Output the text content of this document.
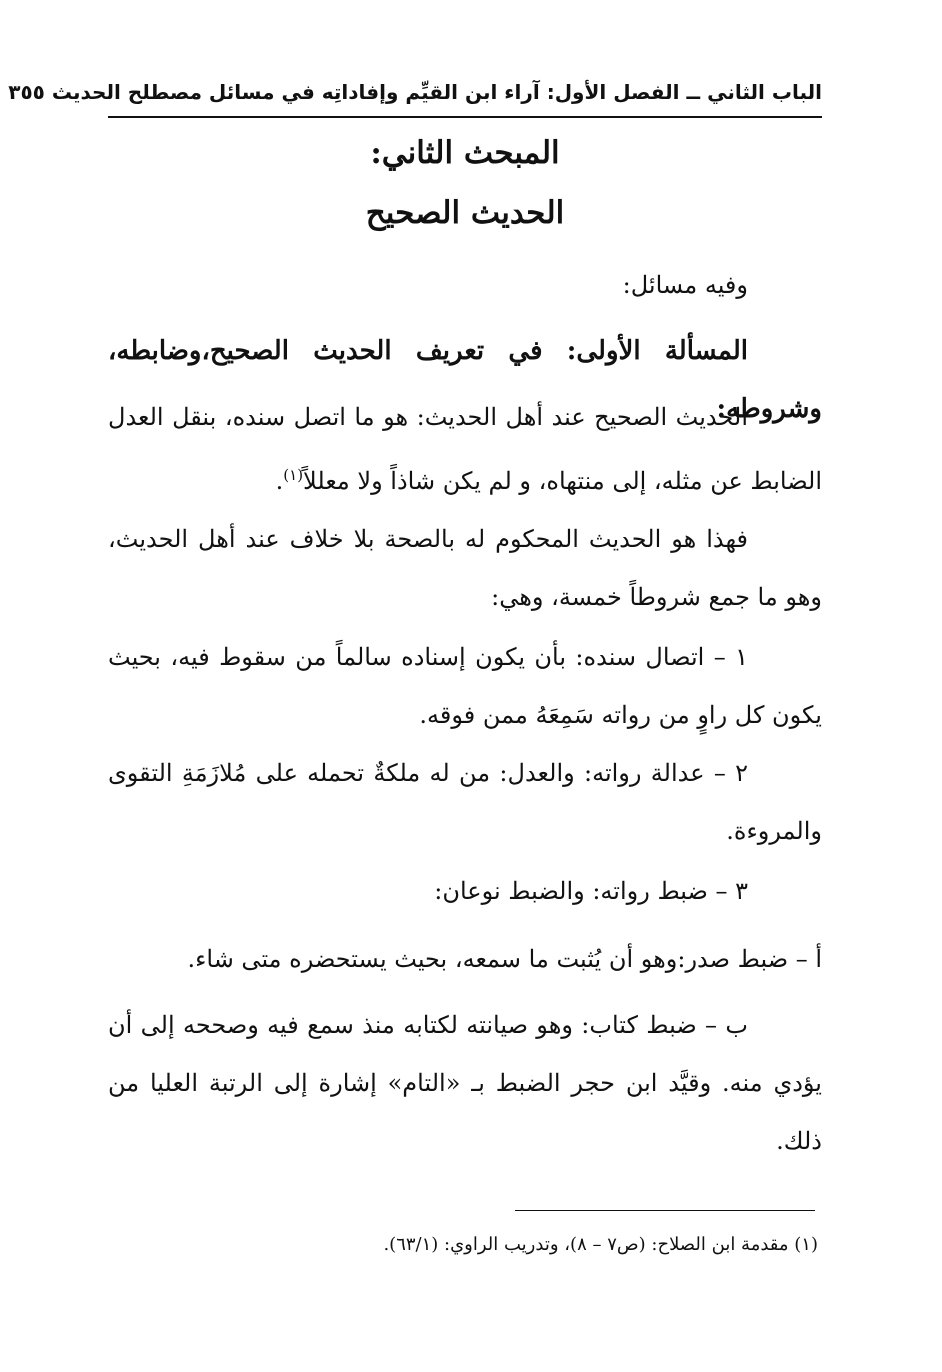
الباب الثاني ــ الفصل الأول: آراء ابن القيِّم وإفاداتِه في مسائل مصطلح الحديث ٣٥٥
المبحث الثاني:
الحديث الصحيح
وفيه مسائل:
المسألة الأولى: في تعريف الحديث الصحيح،وضابطه، وشروطه:
الحديث الصحيح عند أهل الحديث: هو ما اتصل سنده، بنقل العدل الضابط عن مثله، إلى منتهاه، و لم يكن شاذاً ولا معللاً$^{(١)}$.
فهذا هو الحديث المحكوم له بالصحة بلا خلاف عند أهل الحديث، وهو ما جمع شروطاً خمسة، وهي:
١ – اتصال سنده: بأن يكون إسناده سالماً من سقوط فيه، بحيث يكون كل راوٍ من رواته سَمِعَهُ ممن فوقه.
٢ – عدالة رواته: والعدل: من له ملكةٌ تحمله على مُلازَمَةِ التقوى والمروءة.
٣ – ضبط رواته: والضبط نوعان:
أ – ضبط صدر:وهو أن يُثبت ما سمعه، بحيث يستحضره متى شاء.
ب – ضبط كتاب: وهو صيانته لكتابه منذ سمع فيه وصححه إلى أن يؤدي منه. وقيَّد ابن حجر الضبط بـ «التام» إشارة إلى الرتبة العليا من ذلك.
(١) مقدمة ابن الصلاح: (ص٧ – ٨)، وتدريب الراوي: (٦٣/١).
